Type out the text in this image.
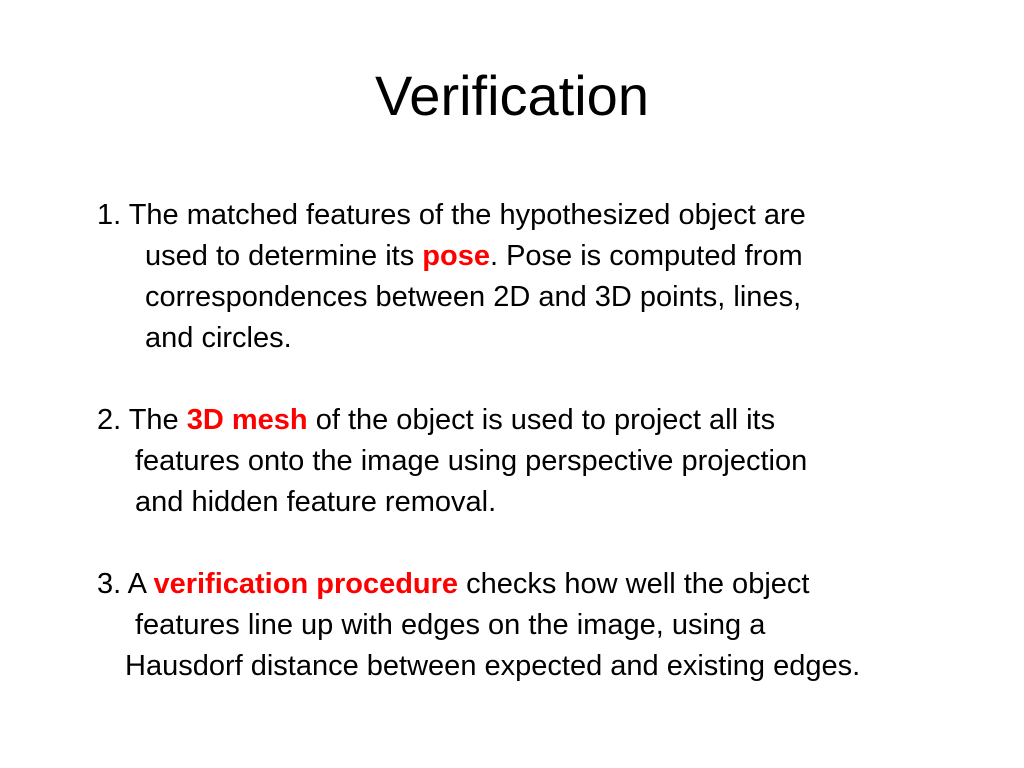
Verification
1. The matched features of the hypothesized object are
used to determine its pose. Pose is computed from
correspondences between 2D and 3D points, lines,
and circles.
2. The 3D mesh of the object is used to project all its
features onto the image using perspective projection
and hidden feature removal.
3. A verification procedure checks how well the object
features line up with edges on the image, using a
Hausdorf distance between expected and existing edges.
